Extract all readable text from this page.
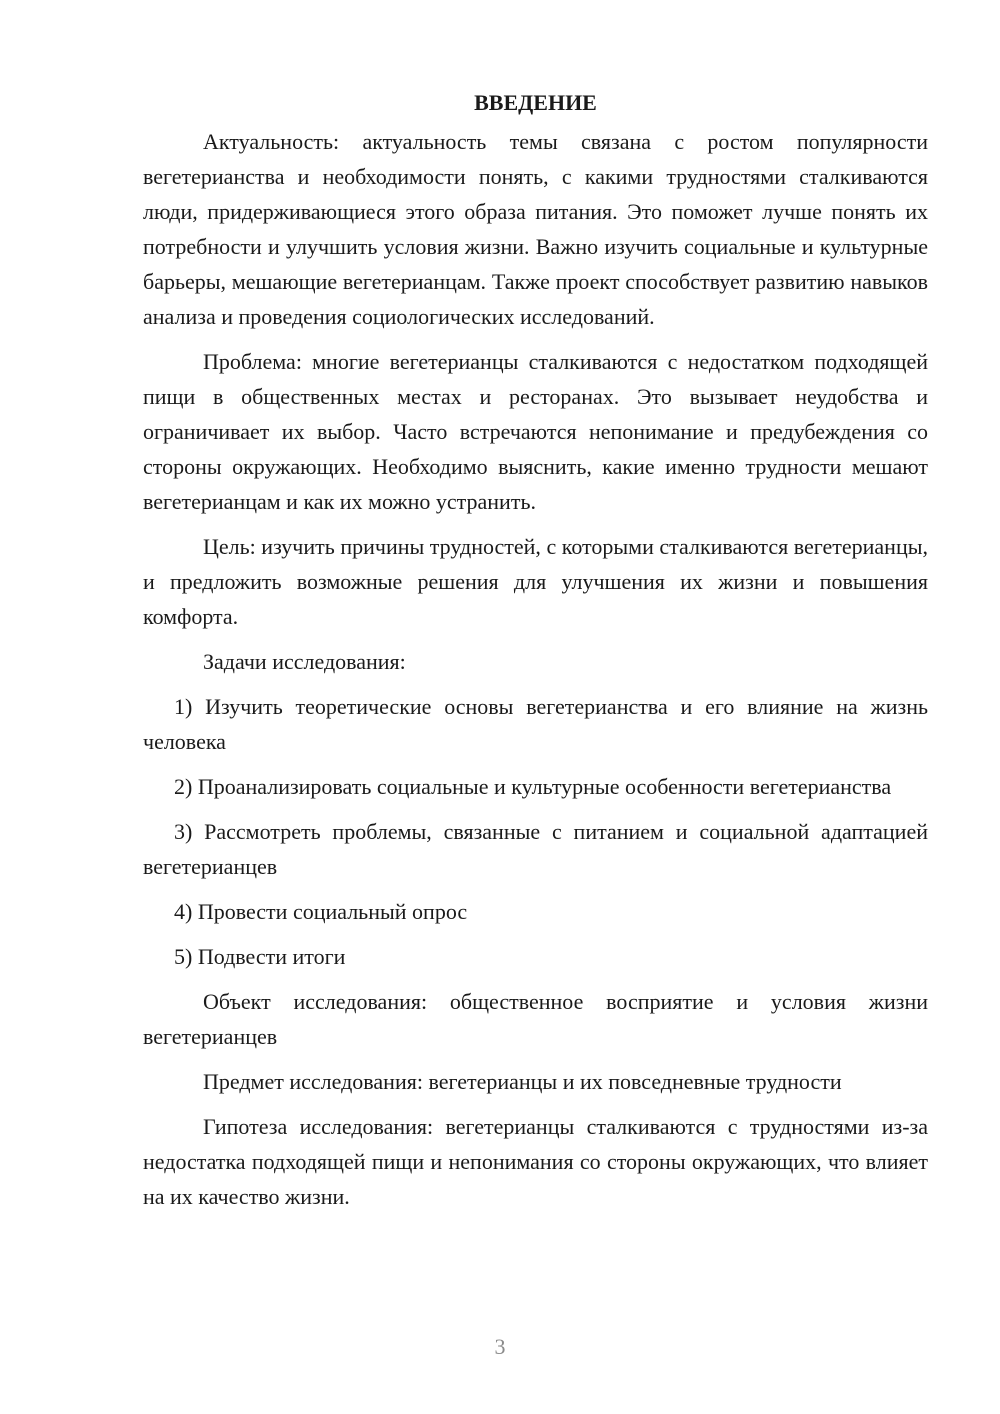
ВВЕДЕНИЕ

Актуальность: актуальность темы связана с ростом популярности вегетерианства и необходимости понять, с какими трудностями сталкиваются люди, придерживающиеся этого образа питания. Это поможет лучше понять их потребности и улучшить условия жизни. Важно изучить социальные и культурные барьеры, мешающие вегетерианцам. Также проект способствует развитию навыков анализа и проведения социологических исследований.

Проблема: многие вегетерианцы сталкиваются с недостатком подходящей пищи в общественных местах и ресторанах. Это вызывает неудобства и ограничивает их выбор. Часто встречаются непонимание и предубеждения со стороны окружающих. Необходимо выяснить, какие именно трудности мешают вегетерианцам и как их можно устранить.

Цель: изучить причины трудностей, с которыми сталкиваются вегетерианцы, и предложить возможные решения для улучшения их жизни и повышения комфорта.

Задачи исследования:

1) Изучить теоретические основы вегетерианства и его влияние на жизнь человека

2) Проанализировать социальные и культурные особенности вегетерианства

3) Рассмотреть проблемы, связанные с питанием и социальной адаптацией вегетерианцев

4) Провести социальный опрос

5) Подвести итоги

Объект исследования: общественное восприятие и условия жизни вегетерианцев

Предмет исследования: вегетерианцы и их повседневные трудности

Гипотеза исследования: вегетерианцы сталкиваются с трудностями из-за недостатка подходящей пищи и непонимания со стороны окружающих, что влияет на их качество жизни.

3
